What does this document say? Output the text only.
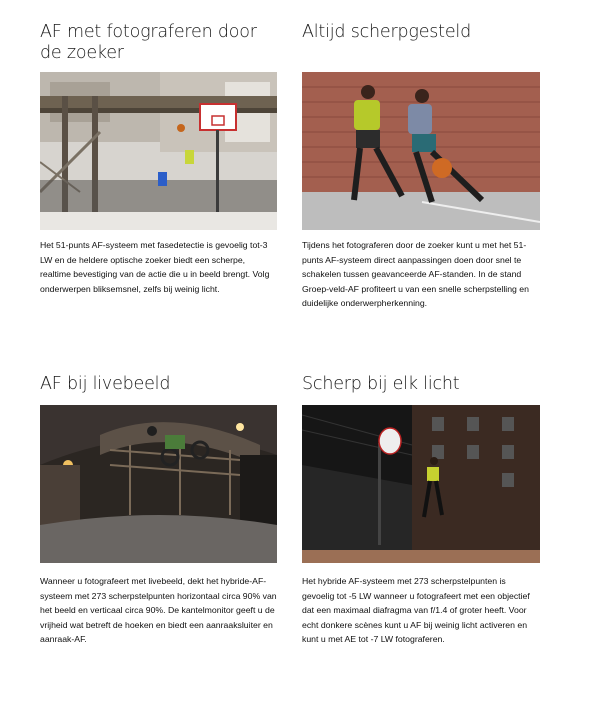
AF met fotograferen door de zoeker

Het 51-punts AF-systeem met fasedetectie is gevoelig tot-3 LW en de heldere optische zoeker biedt een scherpe, realtime bevestiging van de actie die u in beeld brengt. Volg onderwerpen bliksemsnel, zelfs bij weinig licht.

Altijd scherpgesteld

Tijdens het fotograferen door de zoeker kunt u met het 51-punts AF-systeem direct aanpassingen doen door snel te schakelen tussen geavanceerde AF-standen. In de stand Groep-veld-AF profiteert u van een snelle scherpstelling en duidelijke onderwerpherkenning.

AF bij livebeeld

Wanneer u fotografeert met livebeeld, dekt het hybride-AF-systeem met 273 scherpstelpunten horizontaal circa 90% van het beeld en verticaal circa 90%. De kantelmonitor geeft u de vrijheid wat betreft de hoeken en biedt een aanraaksluiter en aanraak-AF.

Scherp bij elk licht

Het hybride AF-systeem met 273 scherpstelpunten is gevoelig tot -5 LW wanneer u fotografeert met een objectief dat een maximaal diafragma van f/1.4 of groter heeft. Voor echt donkere scènes kunt u AF bij weinig licht activeren en kunt u met AE tot -7 LW fotograferen.
